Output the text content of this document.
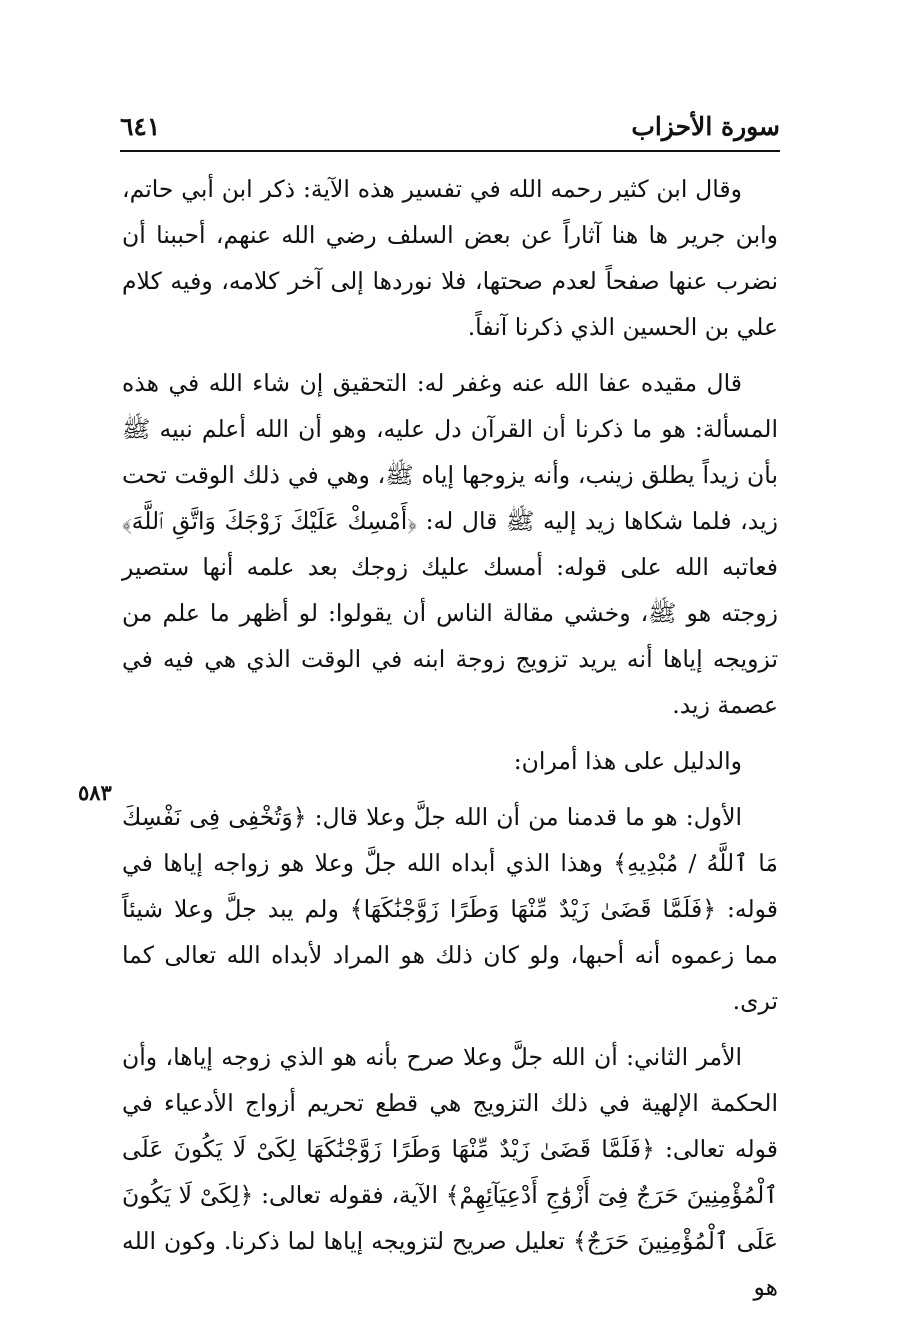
سورة الأحزاب
٦٤١

وقال ابن كثير رحمه الله في تفسير هذه الآية: ذكر ابن أبي حاتم، وابن جرير ها هنا آثاراً عن بعض السلف رضي الله عنهم، أحببنا أن نضرب عنها صفحاً لعدم صحتها، فلا نوردها إلى آخر كلامه، وفيه كلام علي بن الحسين الذي ذكرنا آنفاً.

قال مقيده عفا الله عنه وغفر له: التحقيق إن شاء الله في هذه المسألة: هو ما ذكرنا أن القرآن دل عليه، وهو أن الله أعلم نبيه ﷺ بأن زيداً يطلق زينب، وأنه يزوجها إياه ﷺ، وهي في ذلك الوقت تحت زيد، فلما شكاها زيد إليه ﷺ قال له: ﴿أَمْسِكْ عَلَيْكَ زَوْجَكَ وَاتَّقِ ٱللَّهَ﴾ فعاتبه الله على قوله: أمسك عليك زوجك بعد علمه أنها ستصير زوجته هو ﷺ، وخشي مقالة الناس أن يقولوا: لو أظهر ما علم من تزويجه إياها أنه يريد تزويج زوجة ابنه في الوقت الذي هي فيه في عصمة زيد.

والدليل على هذا أمران:

الأول: هو ما قدمنا من أن الله جلَّ وعلا قال: ﴿وَتُخْفِى فِى نَفْسِكَ مَا ٱللَّهُ / مُبْدِيهِ﴾ وهذا الذي أبداه الله جلَّ وعلا هو زواجه إياها في قوله: ﴿فَلَمَّا قَضَىٰ زَيْدٌ مِّنْهَا وَطَرًا زَوَّجْنَٰكَهَا﴾ ولم يبد جلَّ وعلا شيئاً مما زعموه أنه أحبها، ولو كان ذلك هو المراد لأبداه الله تعالى كما ترى.

الأمر الثاني: أن الله جلَّ وعلا صرح بأنه هو الذي زوجه إياها، وأن الحكمة الإلهية في ذلك التزويج هي قطع تحريم أزواج الأدعياء في قوله تعالى: ﴿فَلَمَّا قَضَىٰ زَيْدٌ مِّنْهَا وَطَرًا زَوَّجْنَٰكَهَا لِكَىْ لَا يَكُونَ عَلَى ٱلْمُؤْمِنِينَ حَرَجٌ فِىٓ أَزْوَٰجِ أَدْعِيَآئِهِمْ﴾ الآية، فقوله تعالى: ﴿لِكَىْ لَا يَكُونَ عَلَى ٱلْمُؤْمِنِينَ حَرَجٌ﴾ تعليل صريح لتزويجه إياها لما ذكرنا. وكون الله هو

٥٨٣
